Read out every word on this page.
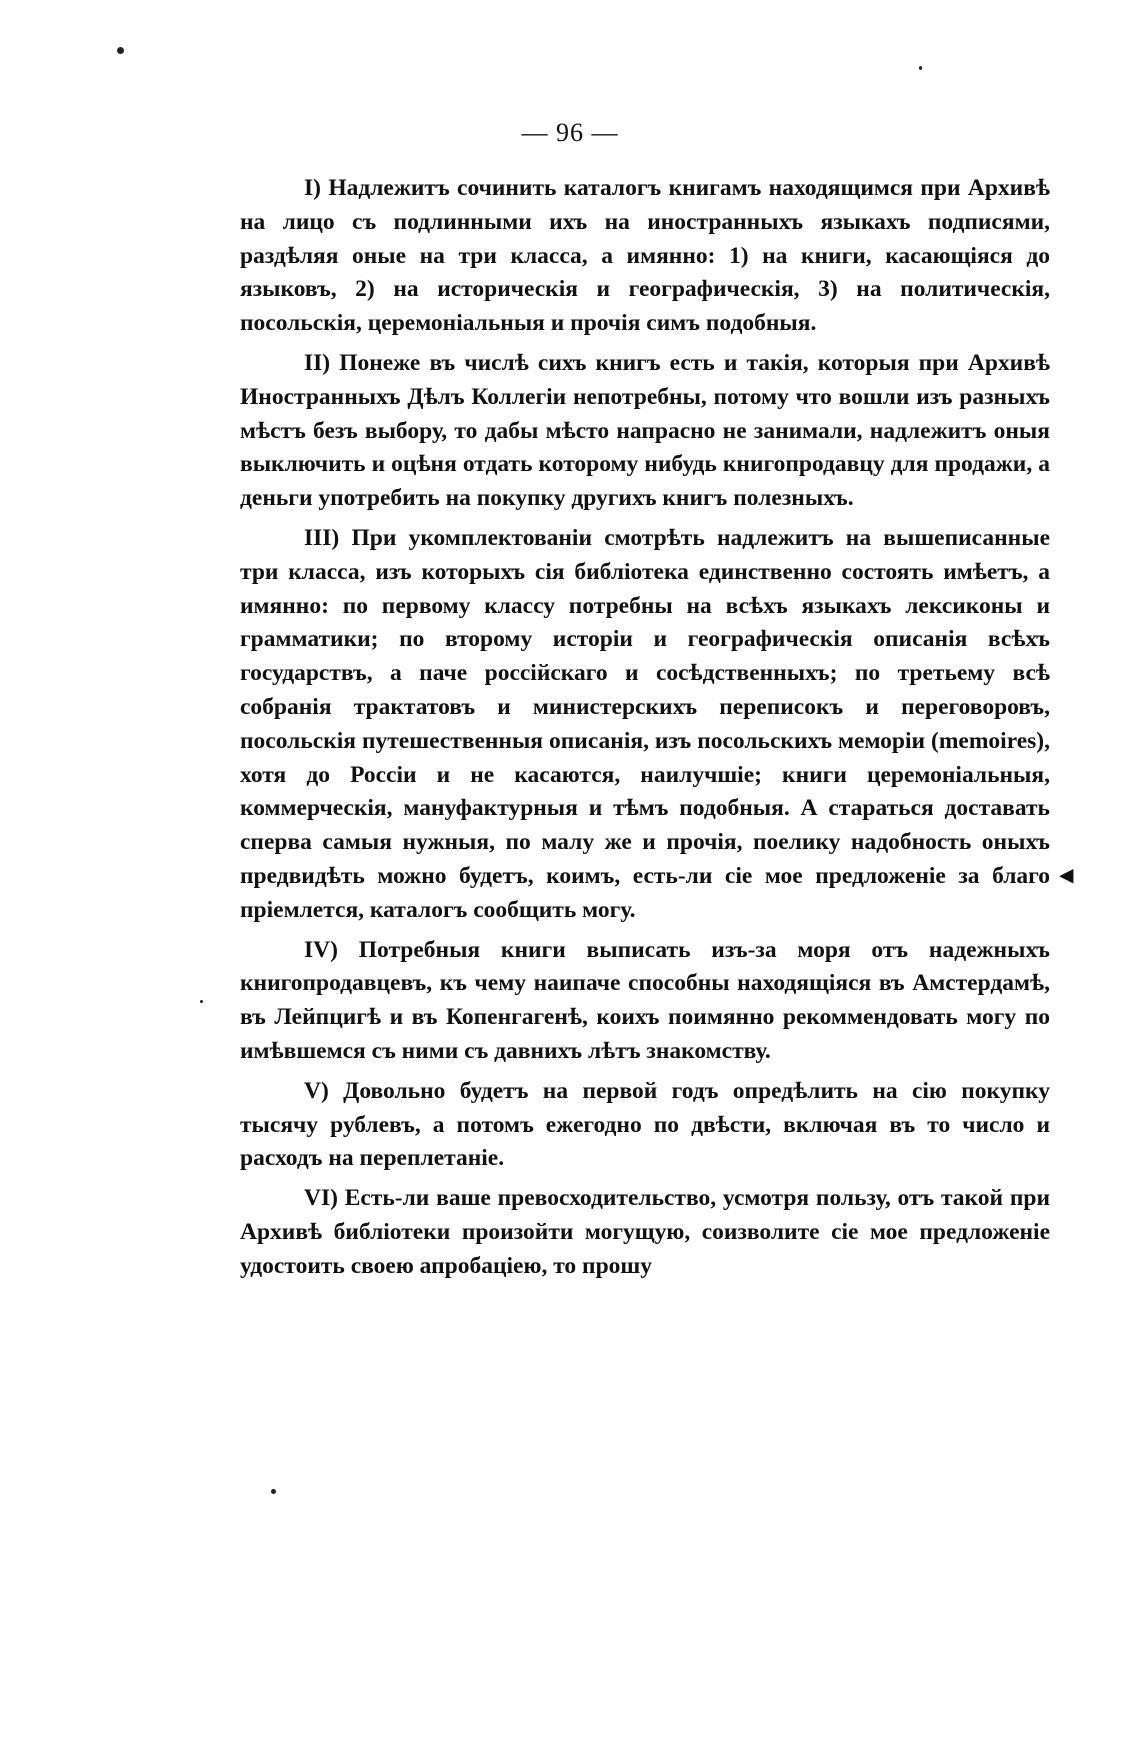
— 96 —

I) Надлежитъ сочинить каталогъ книгамъ находящимся при Архивѣ на лицо съ подлинными ихъ на иностранныхъ языкахъ подписями, раздѣляя оные на три класса, а имянно: 1) на книги, касающіяся до языковъ, 2) на историческія и географическія, 3) на политическія, посольскія, церемоніальныя и прочія симъ подобныя.

II) Понеже въ числѣ сихъ книгъ есть и такія, которыя при Архивѣ Иностранныхъ Дѣлъ Коллегіи непотребны, потому что вошли изъ разныхъ мѣстъ безъ выбору, то дабы мѣсто напрасно не занимали, надлежитъ оныя выключить и оцѣня отдать которому нибудь книгопродавцу для продажи, а деньги употребить на покупку другихъ книгъ полезныхъ.

III) При укомплектованіи смотрѣть надлежитъ на вышеписанные три класса, изъ которыхъ сія библіотека единственно состоять имѣетъ, а имянно: по первому классу потребны на всѣхъ языкахъ лексиконы и грамматики; по второму исторіи и географическія описанія всѣхъ государствъ, а паче россійскаго и сосѣдственныхъ; по третьему всѣ собранія трактатовъ и министерскихъ переписокъ и переговоровъ, посольскія путешественныя описанія, изъ посольскихъ меморіи (memoires), хотя до Россіи и не касаются, наилучшіе; книги церемоніальныя, коммерческія, мануфактурныя и тѣмъ подобныя. А стараться доставать сперва самыя нужныя, по малу же и прочія, поелику надобность оныхъ предвидѣть можно будетъ, коимъ, есть-ли сіе мое предложеніе за благо пріемлется, каталогъ сообщить могу.

IV) Потребныя книги выписать изъ-за моря отъ надежныхъ книгопродавцевъ, къ чему наипаче способны находящіяся въ Амстердамѣ, въ Лейпцигѣ и въ Копенгагенѣ, коихъ поимянно рекоммендовать могу по имѣвшемся съ ними съ давнихъ лѣтъ знакомству.

V) Довольно будетъ на первой годъ опредѣлить на сію покупку тысячу рублевъ, а потомъ ежегодно по двѣсти, включая въ то число и расходъ на переплетаніе.

VI) Есть-ли ваше превосходительство, усмотря пользу, отъ такой при Архивѣ библіотеки произойти могущую, соизволите сіе мое предложеніе удостоить своею апробаціею, то прошу

◂
